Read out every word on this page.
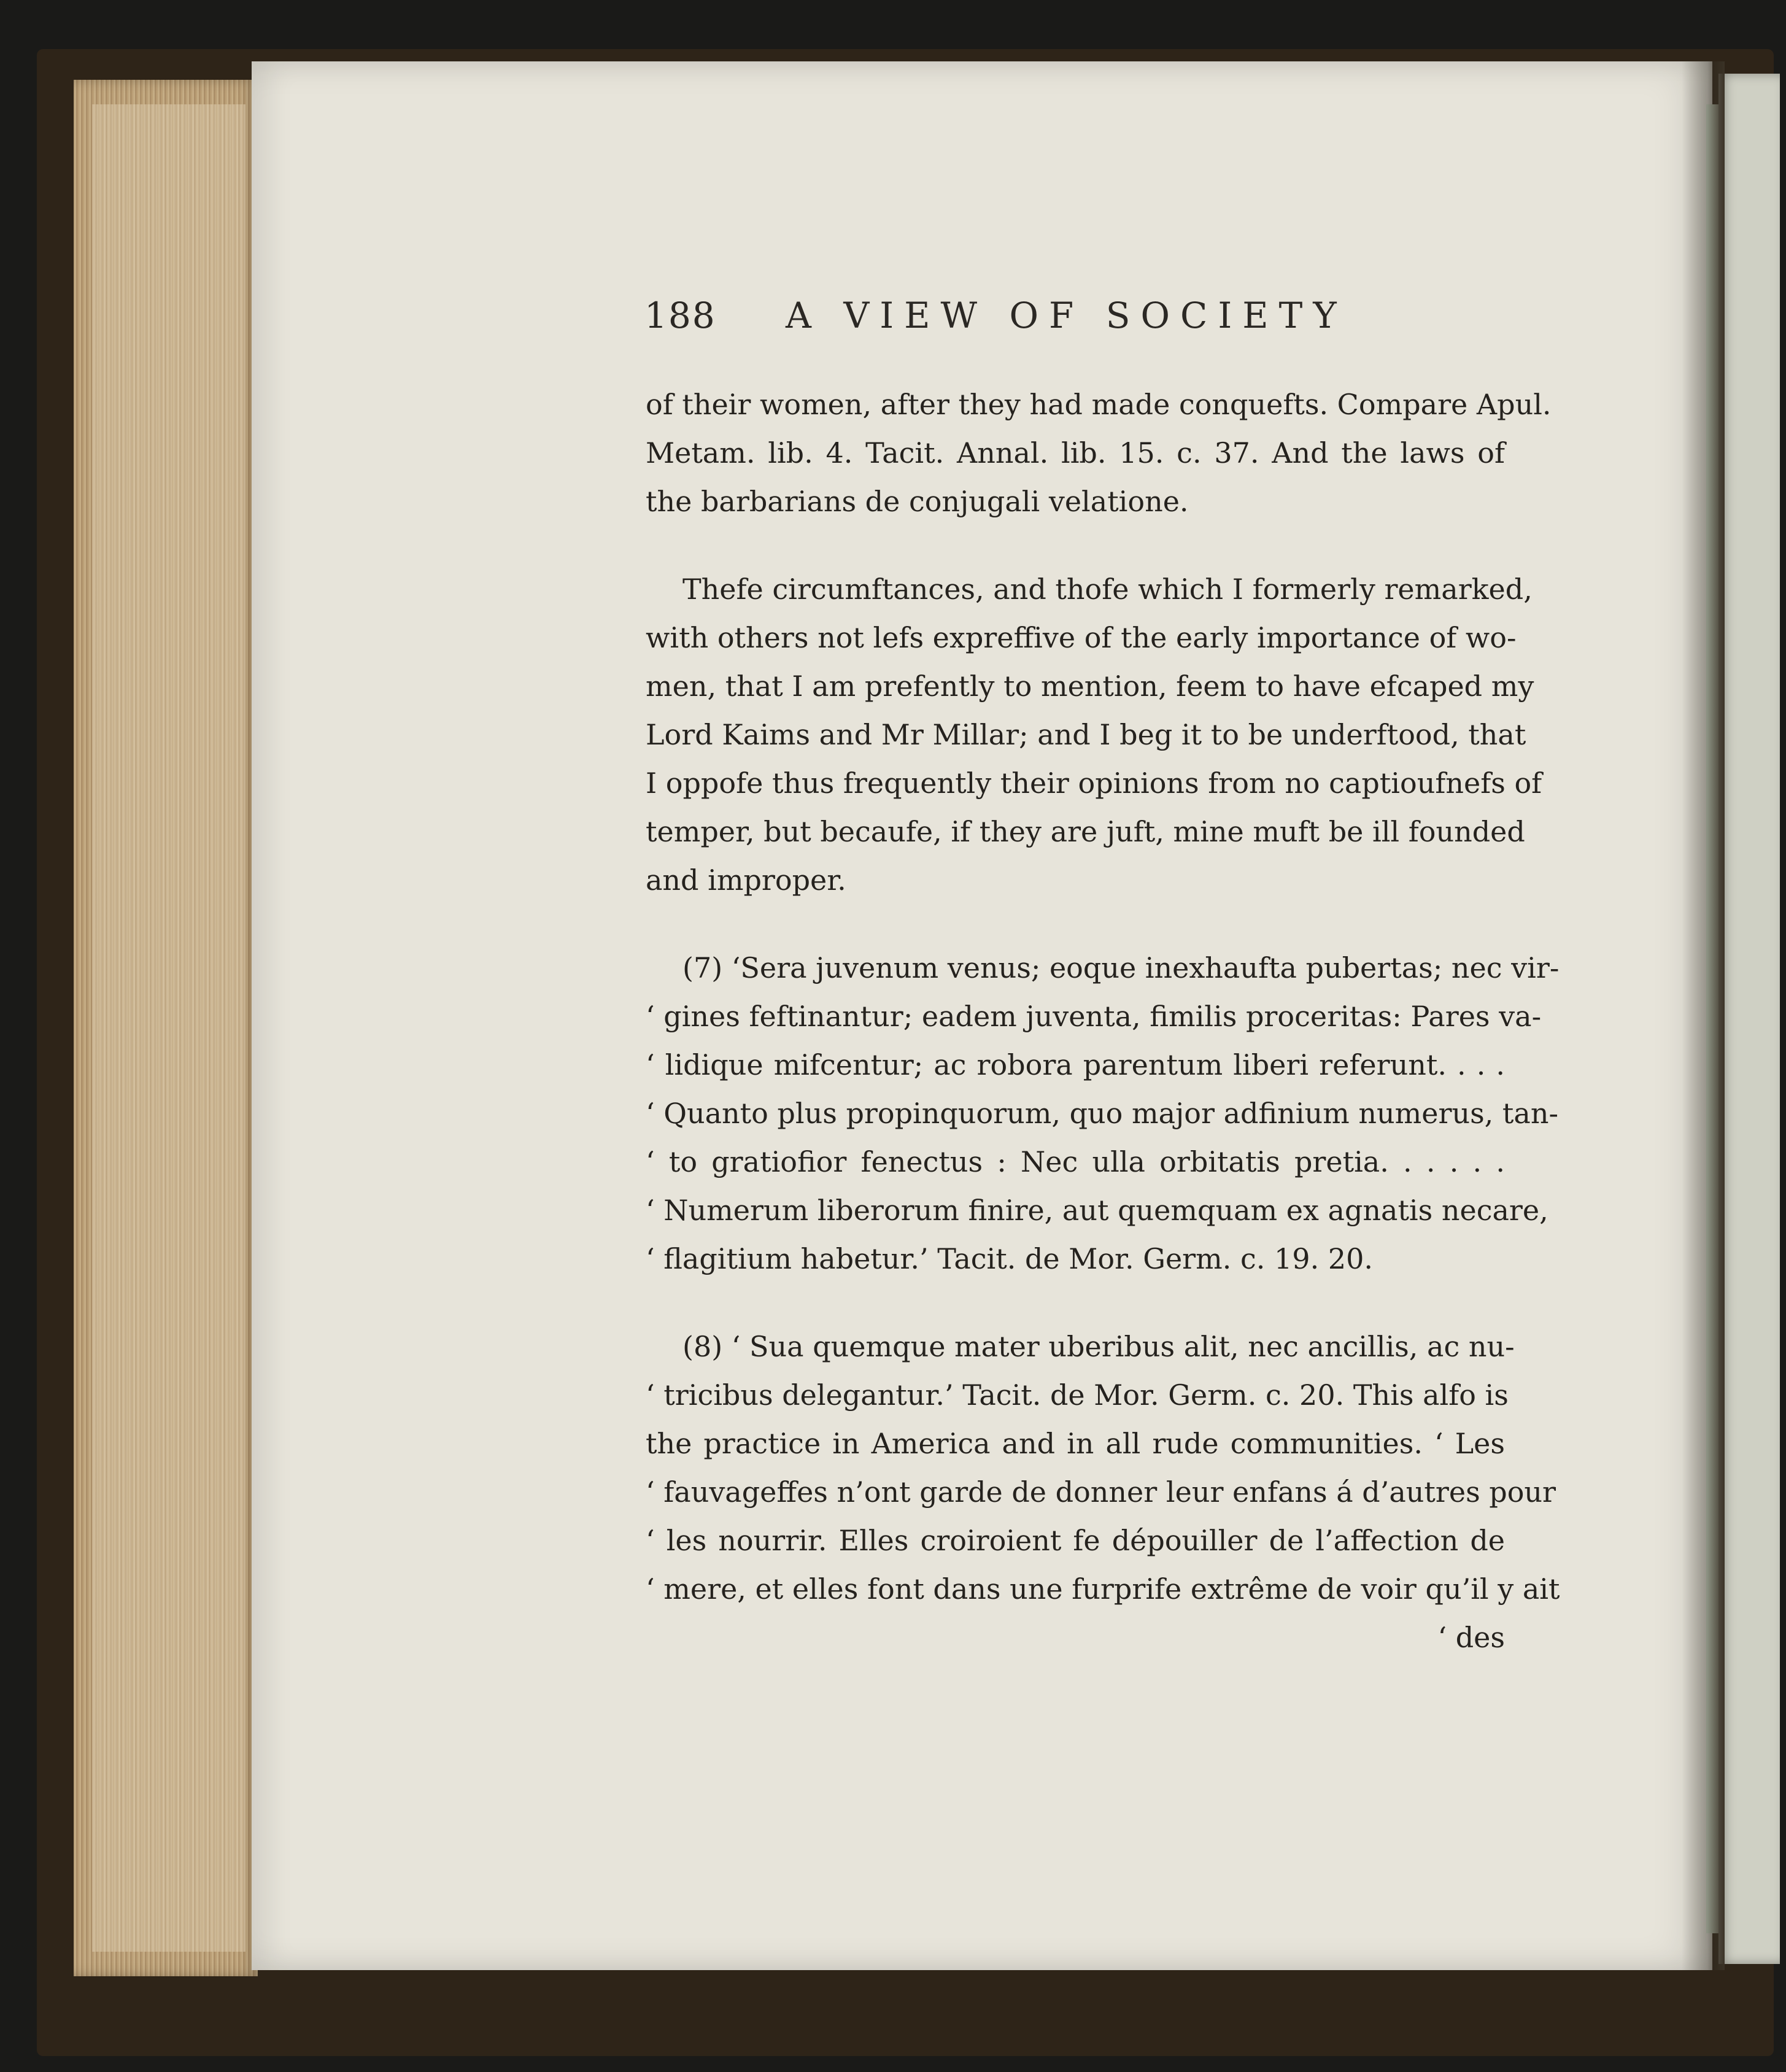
188 A VIEW OF SOCIETY
of their women, after they had made conquefts. Compare Apul.
Metam. lib. 4. Tacit. Annal. lib. 15. c. 37. And the laws of
the barbarians de conjugali velatione.
Thefe circumftances, and thofe which I formerly remarked,
with others not lefs expreffive of the early importance of wo-
men, that I am prefently to mention, feem to have efcaped my
Lord Kaims and Mr Millar; and I beg it to be underftood, that
I oppofe thus frequently their opinions from no captioufnefs of
temper, but becaufe, if they are juft, mine muft be ill founded
and improper.
(7) ‘Sera juvenum venus; eoque inexhaufta pubertas; nec vir-
‘ gines feftinantur; eadem juventa, fimilis proceritas: Pares va-
‘ lidique mifcentur; ac robora parentum liberi referunt. . . .
‘ Quanto plus propinquorum, quo major adfinium numerus, tan-
‘ to gratiofior fenectus : Nec ulla orbitatis pretia. . . . . .
‘ Numerum liberorum finire, aut quemquam ex agnatis necare,
‘ flagitium habetur.’ Tacit. de Mor. Germ. c. 19. 20.
(8) ‘ Sua quemque mater uberibus alit, nec ancillis, ac nu-
‘ tricibus delegantur.’ Tacit. de Mor. Germ. c. 20. This alfo is
the practice in America and in all rude communities. ‘ Les
‘ fauvageffes n’ont garde de donner leur enfans á d’autres pour
‘ les nourrir. Elles croiroient fe dépouiller de l’affection de
‘ mere, et elles font dans une furprife extrême de voir qu’il y ait
‘ des
